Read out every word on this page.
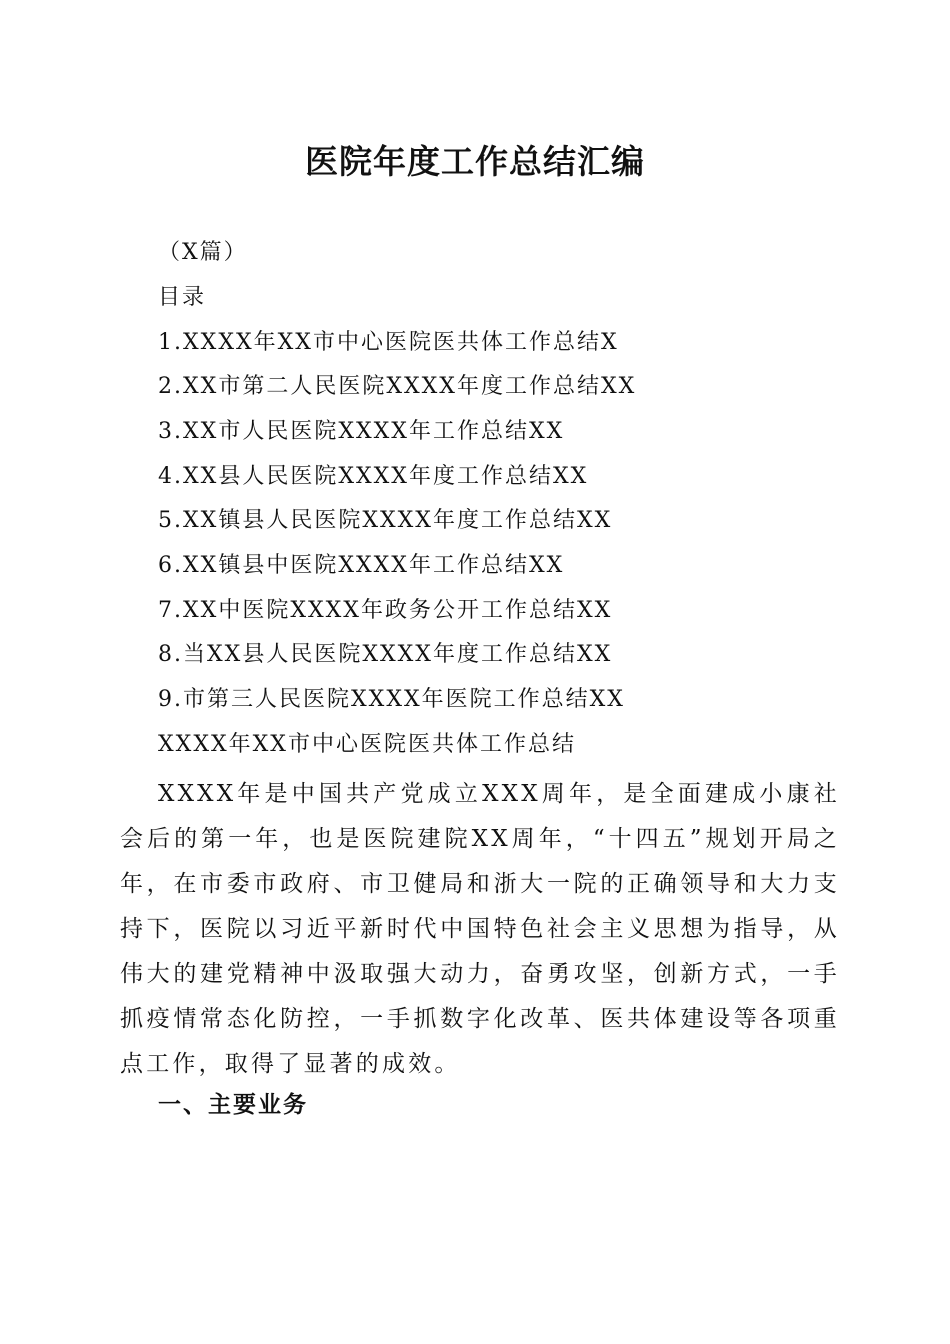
医院年度工作总结汇编
（X篇）
目录
1.XXXX年XX市中心医院医共体工作总结X
2.XX市第二人民医院XXXX年度工作总结XX
3.XX市人民医院XXXX年工作总结XX
4.XX县人民医院XXXX年度工作总结XX
5.XX镇县人民医院XXXX年度工作总结XX
6.XX镇县中医院XXXX年工作总结XX
7.XX中医院XXXX年政务公开工作总结XX
8.当XX县人民医院XXXX年度工作总结XX
9.市第三人民医院XXXX年医院工作总结XX
XXXX年XX市中心医院医共体工作总结
XXXX年是中国共产党成立XXX周年，是全面建成小康社会后的第一年，也是医院建院XX周年，“十四五”规划开局之年，在市委市政府、市卫健局和浙大一院的正确领导和大力支持下，医院以习近平新时代中国特色社会主义思想为指导，从伟大的建党精神中汲取强大动力，奋勇攻坚，创新方式，一手抓疫情常态化防控，一手抓数字化改革、医共体建设等各项重点工作，取得了显著的成效。
一、主要业务
